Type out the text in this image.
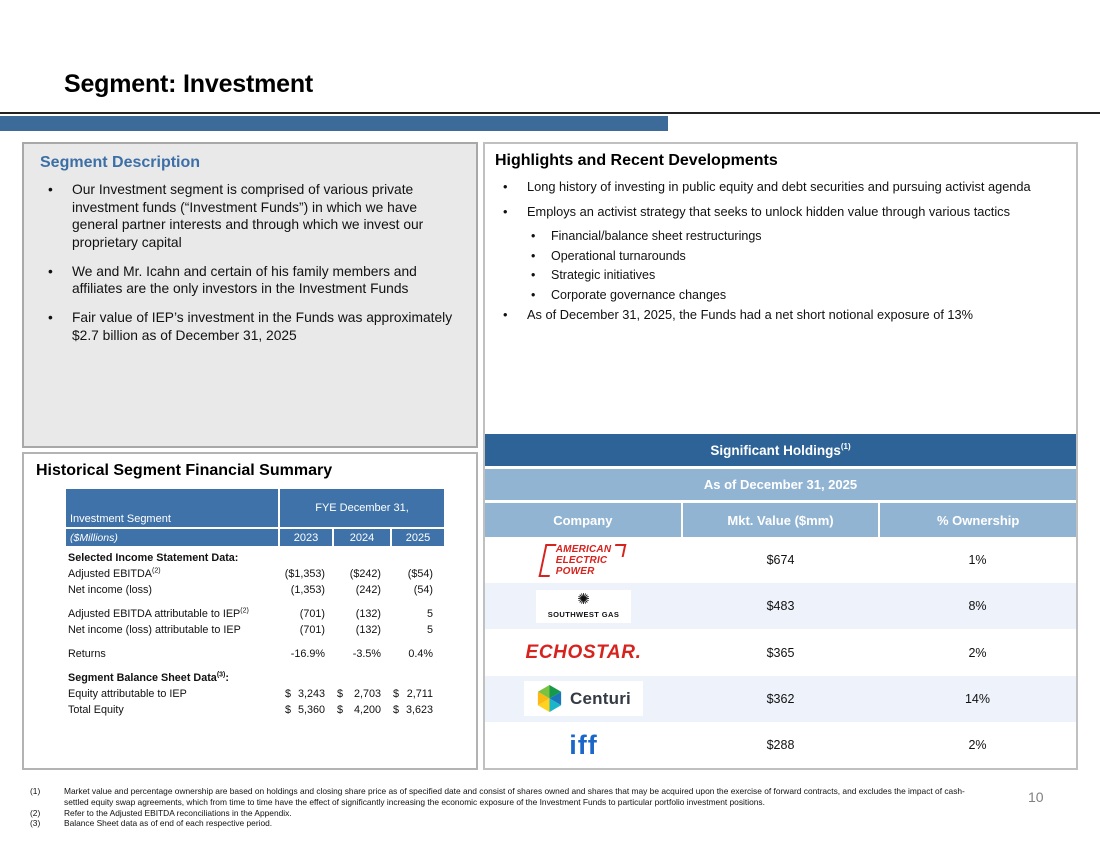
Segment: Investment
Segment Description
•	Our Investment segment is comprised of various private investment funds (“Investment Funds”) in which we have general partner interests and through which we invest our proprietary capital
•	We and Mr. Icahn and certain of his family members and affiliates are the only investors in the Investment Funds
•	Fair value of IEP’s investment in the Funds was approximately $2.7 billion as of December 31, 2025
Historical Segment Financial Summary
Investment Segment
FYE December 31,
($Millions)	2023	2024	2025
Selected Income Statement Data:
Adjusted EBITDA$^{(2)}$	($1,353)	($242)	($54)
Net income (loss)	(1,353)	(242)	(54)
Adjusted EBITDA attributable to IEP$^{(2)}$	(701)	(132)	5
Net income (loss) attributable to IEP	(701)	(132)	5
Returns	-16.9%	-3.5%	0.4%
Segment Balance Sheet Data$^{(3)}$:
Equity attributable to IEP	$ 3,243 $ 2,703 $ 2,711
Total Equity	$ 5,360 $ 4,200 $ 3,623
Highlights and Recent Developments
•	Long history of investing in public equity and debt securities and pursuing activist agenda
•	Employs an activist strategy that seeks to unlock hidden value through various tactics
•	Financial/balance sheet restructurings
•	Operational turnarounds
•	Strategic initiatives
•	Corporate governance changes
•	As of December 31, 2025, the Funds had a net short notional exposure of 13%
Significant Holdings (1)
As of December 31, 2025
Company	Mkt. Value ($mm)	% Ownership
AMERICAN
ELECTRIC
POWER
$674	1%
✺
SOUTHWEST GAS
$483	8%
ECHOSTAR .	$365	2%
Centuri	$362	14%
iff	$288	2%
(1)	Market value and percentage ownership are based on holdings and closing share price as of specified date and consist of shares owned and shares that may be acquired upon the exercise of forward contracts, and excludes the impact of cash-settled equity swap agreements, which from time to time have the effect of significantly increasing the economic exposure of the Investment Funds to particular portfolio investment positions.
(2)	Refer to the Adjusted EBITDA reconciliations in the Appendix.
(3)	Balance Sheet data as of end of each respective period.
10
